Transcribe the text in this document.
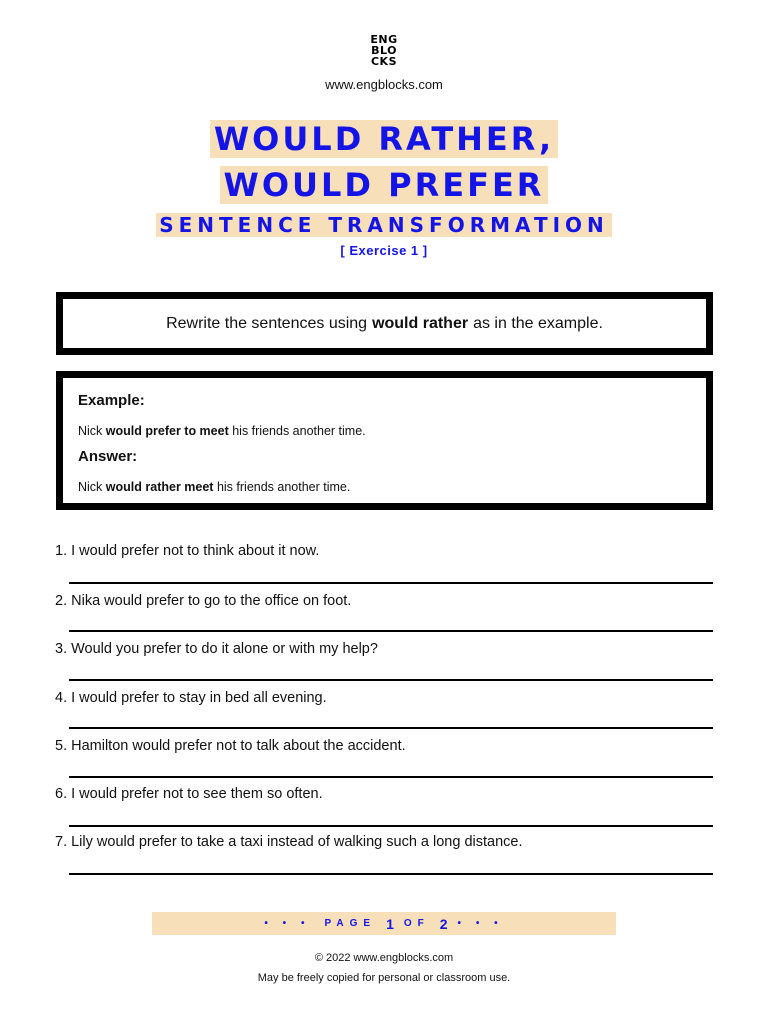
ENG
BLO
CKS
www.engblocks.com
WOULD RATHER,
WOULD PREFER
SENTENCE TRANSFORMATION
[ Exercise 1 ]
Rewrite the sentences using would rather as in the example.
Example:
Nick would prefer to meet his friends another time.
Answer:
Nick would rather meet his friends another time.
1. I would prefer not to think about it now.
2. Nika would prefer to go to the office on foot.
3. Would you prefer to do it alone or with my help?
4. I would prefer to stay in bed all evening.
5. Hamilton would prefer not to talk about the accident.
6. I would prefer not to see them so often.
7. Lily would prefer to take a taxi instead of walking such a long distance.
• • • PAGE 1 OF 2 • • •
© 2022 www.engblocks.com
May be freely copied for personal or classroom use.
